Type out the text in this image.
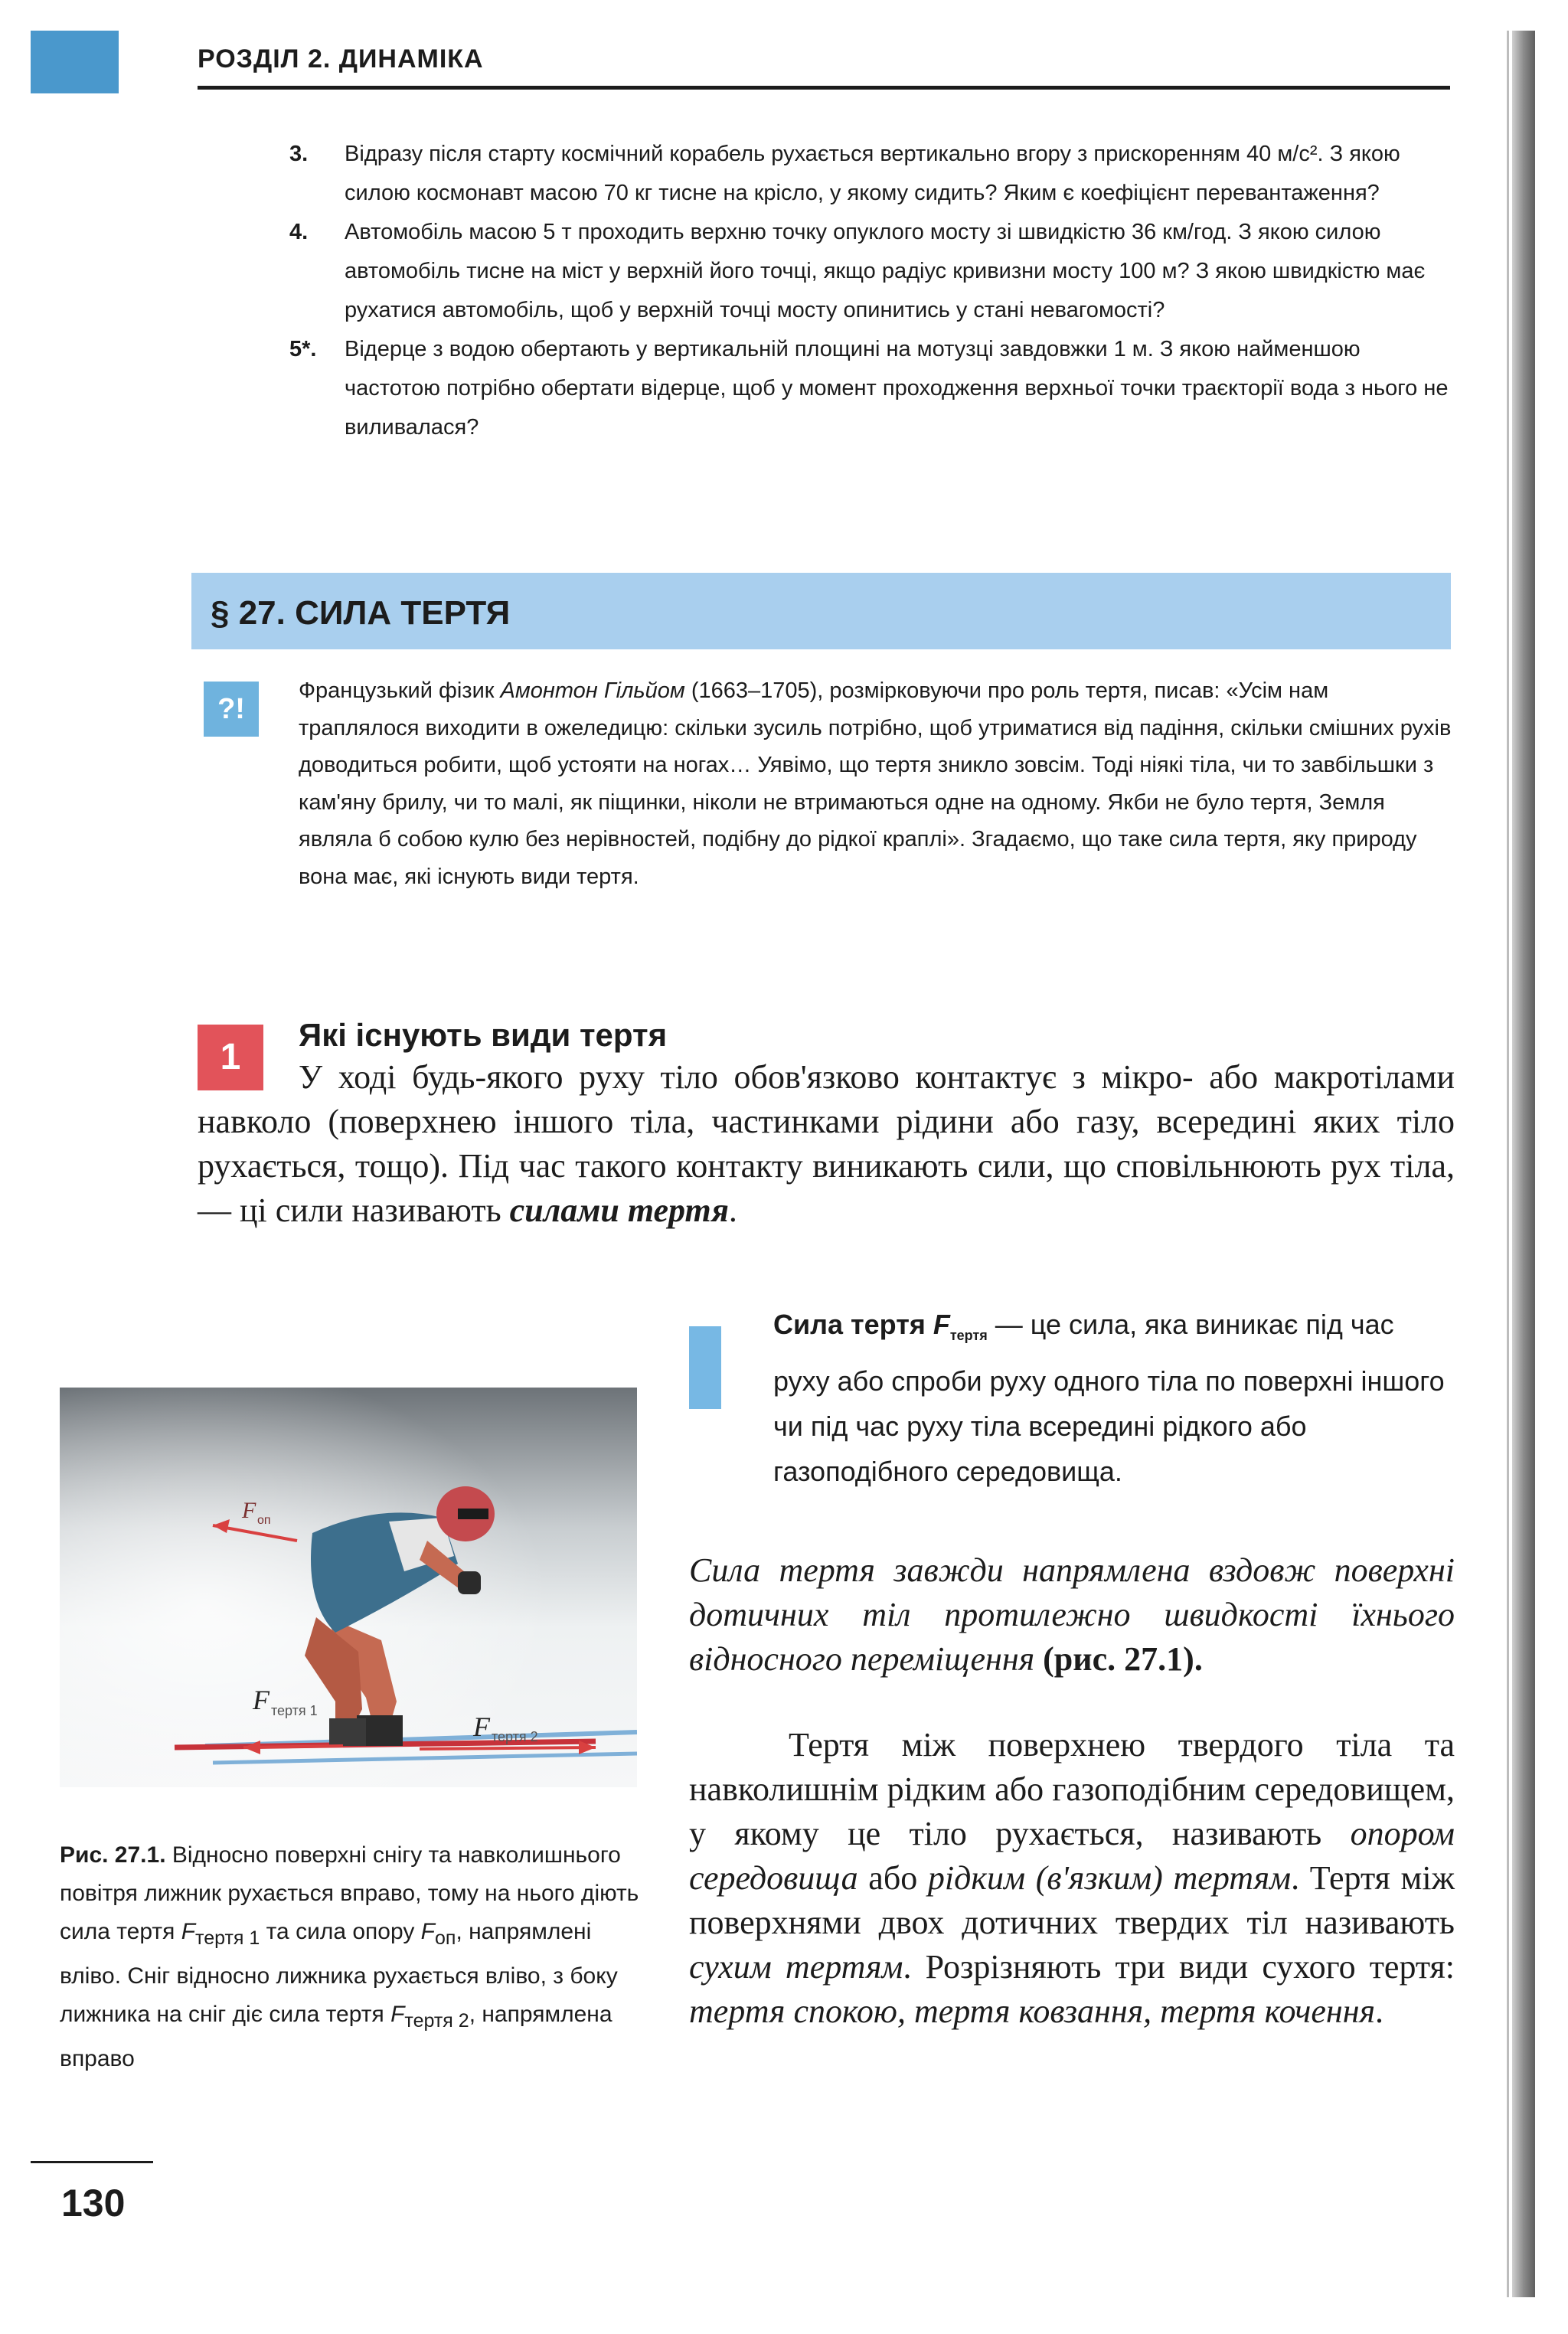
РОЗДІЛ 2. ДИНАМІКА
3. Відразу після старту космічний корабель рухається вертикально вгору з прискоренням 40 м/с². З якою силою космонавт масою 70 кг тисне на крісло, у якому сидить? Яким є коефіцієнт перевантаження?
4. Автомобіль масою 5 т проходить верхню точку опуклого мосту зі швидкістю 36 км/год. З якою силою автомобіль тисне на міст у верхній його точці, якщо радіус кривизни мосту 100 м? З якою швидкістю має рухатися автомобіль, щоб у верхній точці мосту опинитись у стані невагомості?
5*. Відерце з водою обертають у вертикальній площині на мотузці завдовжки 1 м. З якою найменшою частотою потрібно обертати відерце, щоб у момент проходження верхньої точки траєкторії вода з нього не виливалася?
§ 27. СИЛА ТЕРТЯ
?!
Французький фізик Амонтон Гільйом (1663–1705), розмірковуючи про роль тертя, писав: «Усім нам траплялося виходити в ожеледицю: скільки зусиль потрібно, щоб утриматися від падіння, скільки смішних рухів доводиться робити, щоб устояти на ногах… Уявімо, що тертя зникло зовсім. Тоді ніякі тіла, чи то завбільшки з кам'яну брилу, чи то малі, як піщинки, ніколи не втримаються одне на одному. Якби не було тертя, Земля являла б собою кулю без нерівностей, подібну до рідкої краплі». Згадаємо, що таке сила тертя, яку природу вона має, які існують види тертя.
1
Які існують види тертя
У ході будь-якого руху тіло обов'язково контактує з мікро- або макротілами навколо (поверхнею іншого тіла, частинками рідини або газу, всередині яких тіло рухається, тощо). Під час такого контакту виникають сили, що сповільнюють рух тіла,— ці сили називають силами тертя.
F оп
F тертя 1
F тертя 2
Рис. 27.1. Відносно поверхні снігу та навколишнього повітря лижник рухається вправо, тому на нього діють сила тертя $F_{тертя 1}$ та сила опору $F_{оп}$, напрямлені вліво. Сніг відносно лижника рухається вліво, з боку лижника на сніг діє сила тертя $F_{тертя 2}$, напрямлена вправо
Сила тертя $F_{тертя}$ — це сила, яка виникає під час руху або спроби руху одного тіла по поверхні іншого чи під час руху тіла всередині рідкого або газоподібного середовища.
Сила тертя завжди напрямлена вздовж поверхні дотичних тіл протилежно швидкості їхнього відносного переміщення (рис. 27.1).
Тертя між поверхнею твердого тіла та навколишнім рідким або газоподібним середовищем, у якому це тіло рухається, називають опором середовища або рідким (в'язким) тертям. Тертя між поверхнями двох дотичних твердих тіл називають сухим тертям. Розрізняють три види сухого тертя: тертя спокою, тертя ковзання, тертя кочення.
130
